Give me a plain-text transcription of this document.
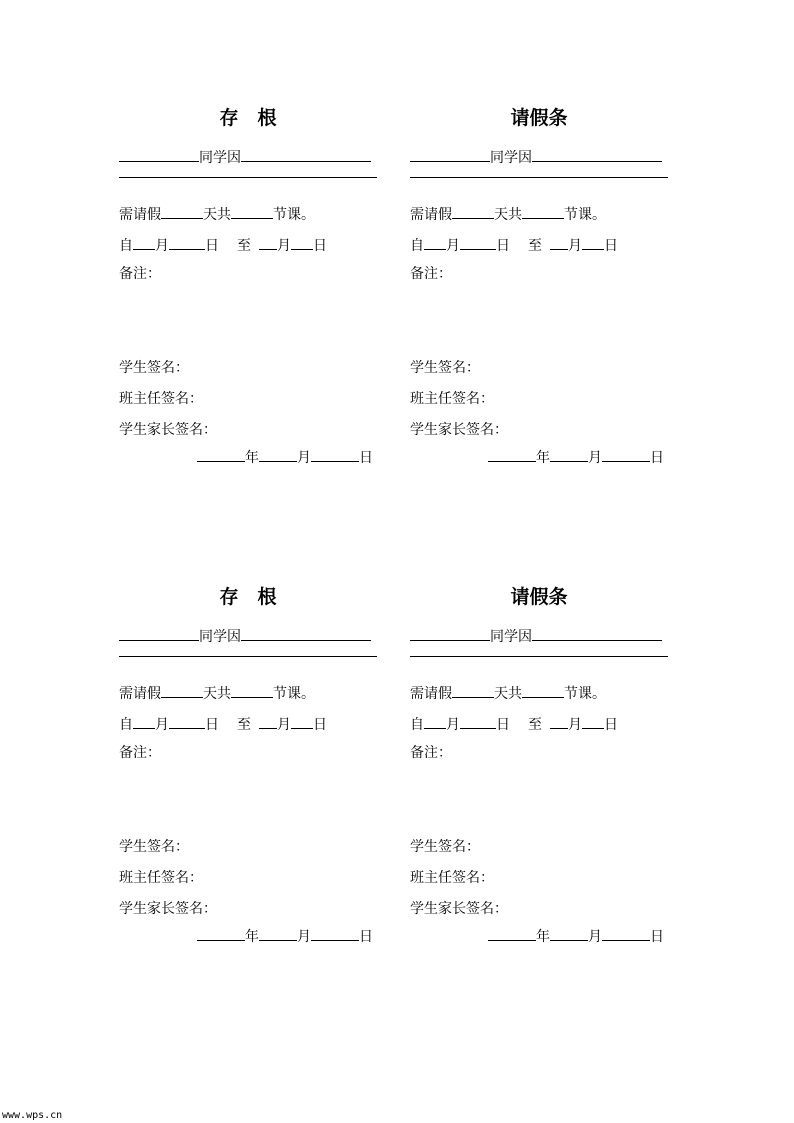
存　根
同学因
需请假	天共	节课。
自 月	日 至 月 日
备注：
学生签名：
班主任签名：
学生家长签名：
年	月	日
请假条
同学因
需请假	天共	节课。
自 月	日 至 月 日
备注：
学生签名：
班主任签名：
学生家长签名：
年	月	日
存　根
同学因
需请假	天共	节课。
自 月	日 至 月 日
备注：
学生签名：
班主任签名：
学生家长签名：
年	月	日
请假条
同学因
需请假	天共	节课。
自 月	日 至 月 日
备注：
学生签名：
班主任签名：
学生家长签名：
年	月	日
www.wps.cn
